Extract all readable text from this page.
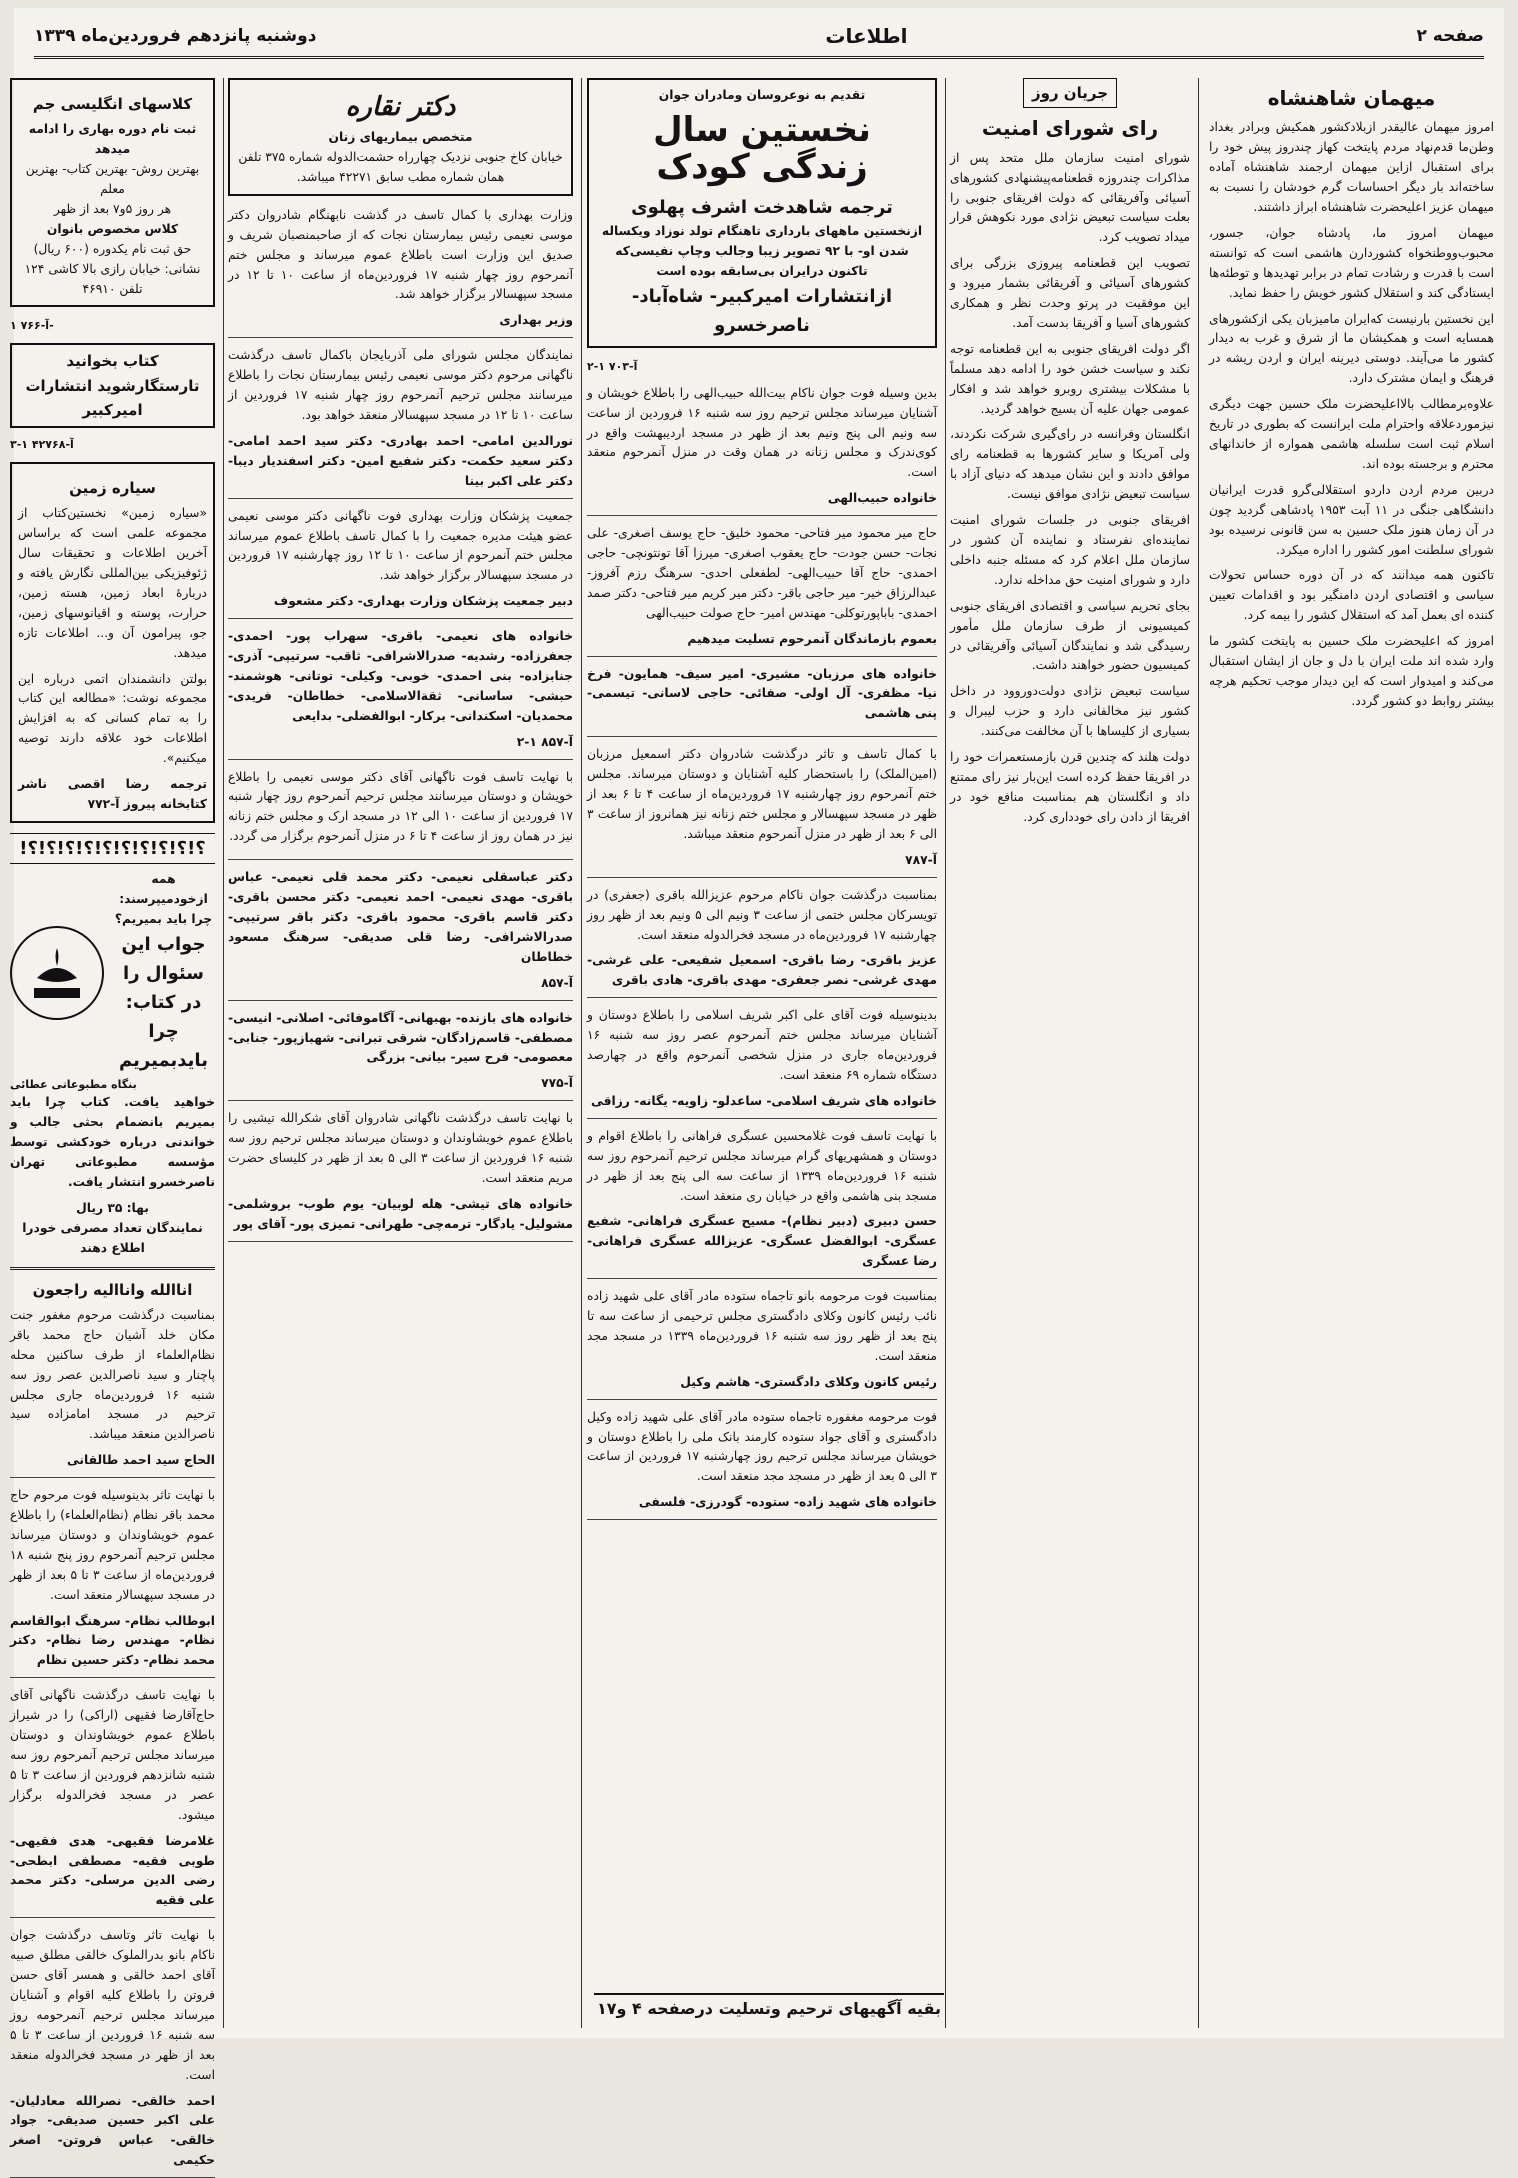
صفحه ۲
اطلاعات
دوشنبه پانزدهم فروردین‌ماه ۱۳۳۹
میهمان شاهنشاه

امروز میهمان عالیقدر ازبلادکشور همکیش وبرادر بغداد وطن‌ما قدم‌نهاد مردم پایتخت کهاز چندروز پیش خود را برای استقبال ازاین میهمان ارجمند شاهنشاه آماده ساخته‌اند بار دیگر احساسات گرم خودشان را نسبت به میهمان عزیز اعلیحضرت شاهنشاه ابراز داشتند.

میهمان امروز ما، پادشاه جوان، جسور، محبوب‌ووطنخواه کشوردارن هاشمی است که توانسته است با قدرت و رشادت تمام در برابر تهدیدها و توطئه‌ها ایستادگی کند و استقلال کشور خویش را حفظ نماید.

این نخستین بارنیست که‌ایران مامیزبان یکی ازکشورهای همسایه است و همکیشان ما از شرق و غرب به دیدار کشور ما می‌آیند. دوستی دیرینه ایران و اردن ریشه در فرهنگ و ایمان مشترک دارد.

علاوه‌برمطالب بالااعلیحضرت ملک حسین جهت دیگری نیزموردعلاقه واحترام ملت ایرانست که بطوری در تاریخ اسلام ثبت است سلسله هاشمی همواره از خاندانهای محترم و برجسته بوده اند.

دربین مردم اردن داردو استقلالی‌گرو قدرت ایرانیان دانشگاهی جنگی در ۱۱ آبت ۱۹۵۳ پادشاهی گردید چون در آن زمان هنوز ملک حسین به سن قانونی نرسیده بود شورای سلطنت امور کشور را اداره میکرد.

تاکنون همه میدانند که در آن دوره حساس تحولات سیاسی و اقتصادی اردن دامنگیر بود و اقدامات تعیین کننده ای بعمل آمد که استقلال کشور را بیمه کرد.

امروز که اعلیحضرت ملک حسین به پایتخت کشور ما وارد شده اند ملت ایران با دل و جان از ایشان استقبال می‌کند و امیدوار است که این دیدار موجب تحکیم هرچه بیشتر روابط دو کشور گردد.

جریان روز
رای شورای امنیت

شورای امنیت سازمان ملل متحد پس از مذاکرات چندروزه قطعنامه‌پیشنهادی کشورهای آسیائی وآفریقائی که دولت افریقای جنوبی را بعلت سیاست تبعیض نژادی مورد نکوهش قرار میداد تصویب کرد.

تصویب این قطعنامه پیروزی بزرگی برای کشورهای آسیائی و آفریقائی بشمار میرود و این موفقیت در پرتو وحدت نظر و همکاری کشورهای آسیا و آفریقا بدست آمد.

اگر دولت افریقای جنوبی به این قطعنامه توجه نکند و سیاست خشن خود را ادامه دهد مسلماً با مشکلات بیشتری روبرو خواهد شد و افکار عمومی جهان علیه آن بسیج خواهد گردید.

انگلستان وفرانسه در رای‌گیری شرکت نکردند، ولی آمریکا و سایر کشورها به قطعنامه رای موافق دادند و این نشان میدهد که دنیای آزاد با سیاست تبعیض نژادی موافق نیست.

افریقای جنوبی در جلسات شورای امنیت نماینده‌ای نفرستاد و نماینده آن کشور در سازمان ملل اعلام کرد که مسئله جنبه داخلی دارد و شورای امنیت حق مداخله ندارد.

بجای تحریم سیاسی و اقتصادی افریقای جنوبی کمیسیونی از طرف سازمان ملل مأمور رسیدگی شد و نمایندگان آسیائی وآفریقائی در کمیسیون حضور خواهند داشت.

سیاست تبعیض نژادی دولت‌دوروود در داخل کشور نیز مخالفانی دارد و حزب لیبرال و بسیاری از کلیساها با آن مخالفت می‌کنند.

دولت هلند که چندین قرن بازمستعمرات خود را در افریقا حفظ کرده است این‌بار نیز رای ممتنع داد و انگلستان هم بمناسبت منافع خود در افریقا از دادن رای خودداری کرد.

تقدیم به نوعروسان ومادران جوان
نخستین سال زندگی کودک
ترجمه شاهدخت اشرف پهلوی
ازنخستین ماههای بارداری تاهنگام تولد نوزاد ویکساله شدن او- با ۹۲ تصویر زیبا وجالب وچاپ نفیسی‌که تاکنون درایران بی‌سابقه بوده است
ازانتشارات امیرکبیر- شاه‌آباد- ناصرخسرو
آ-۷۰۳ ۱-۲

بدین وسیله فوت جوان ناکام بیت‌الله حبیب‌الهی را باطلاع خویشان و آشنایان میرساند مجلس ترحیم روز سه شنبه ۱۶ فروردین از ساعت سه ونیم الی پنج ونیم بعد از ظهر در مسجد اردیبهشت واقع در کوی‌ندرک و مجلس زنانه در همان وقت در منزل آنمرحوم منعقد است.

خانواده حبیب‌الهی

حاج میر محمود میر فتاحی- محمود خلیق- حاج یوسف اصغری- علی نجات- حسن جودت- حاج یعقوب اصغری- میرزا آقا تونتونچی- حاجی احمدی- حاج آقا حبیب‌الهی- لطفعلی احدی- سرهنگ رزم آفروز- عبدالرزاق خیر- میر حاجی باقر- دکتر میر کریم میر فتاحی- دکتر صمد احمدی- باباپورتوکلی- مهندس امیر- حاج صولت حبیب‌الهی

بعموم بازماندگان آنمرحوم تسلیت میدهیم

خانواده های مرزبان- مشیری- امیر سیف- همایون- فرخ نیا- مظفری- آل اولی- صفائی- حاجی لاسانی- تیسمی- پنی هاشمی

با کمال تاسف و تاثر درگذشت شادروان دکتر اسمعیل مرزبان (امین‌الملک) را باستحضار کلیه آشنایان و دوستان میرساند. مجلس ختم آنمرحوم روز چهارشنبه ۱۷ فروردین‌ماه از ساعت ۴ تا ۶ بعد از ظهر در مسجد سپهسالار و مجلس ختم زنانه نیز همانروز از ساعت ۳ الی ۶ بعد از ظهر در منزل آنمرحوم منعقد میباشد.

آ-۷۸۷

بمناسبت درگذشت جوان ناکام مرحوم عزیزالله باقری (جعفری) در تویسرکان مجلس ختمی از ساعت ۳ ونیم الی ۵ ونیم بعد از ظهر روز چهارشنبه ۱۷ فروردین‌ماه در مسجد فخرالدوله منعقد است.

عزیز باقری- رضا باقری- اسمعیل شفیعی- علی غرشی- مهدی غرشی- نصر جعفری- مهدی باقری- هادی باقری

بدینوسیله فوت آقای علی اکبر شریف اسلامی را باطلاع دوستان و آشنایان میرساند مجلس ختم آنمرحوم عصر روز سه شنبه ۱۶ فروردین‌ماه جاری در منزل شخصی آنمرحوم واقع در چهارصد دستگاه شماره ۶۹ منعقد است.

خانواده های شریف اسلامی- ساعدلو- زاویه- یگانه- رزاقی

با نهایت تاسف فوت غلامحسین عسگری فراهانی را باطلاع اقوام و دوستان و همشهریهای گرام میرساند مجلس ترحیم آنمرحوم روز سه شنبه ۱۶ فروردین‌ماه ۱۳۳۹ از ساعت سه الی پنج بعد از ظهر در مسجد بنی هاشمی واقع در خیابان ری منعقد است.

حسن دبیری (دبیر نظام)- مسیح عسگری فراهانی- شفیع عسگری- ابوالفضل عسگری- عزیزالله عسگری فراهانی- رضا عسگری

بمناسبت فوت مرحومه بانو تاجماه ستوده مادر آقای علی شهید زاده نائب رئیس کانون وکلای دادگستری مجلس ترحیمی از ساعت سه تا پنج بعد از ظهر روز سه شنبه ۱۶ فروردین‌ماه ۱۳۳۹ در مسجد مجد منعقد است.

رئیس کانون وکلای دادگستری- هاشم وکیل

فوت مرحومه مغفوره تاجماه ستوده مادر آقای علی شهید زاده وکیل دادگستری و آقای جواد ستوده کارمند بانک ملی را باطلاع دوستان و خویشان میرساند مجلس ترحیم روز چهارشنبه ۱۷ فروردین از ساعت ۳ الی ۵ بعد از ظهر در مسجد مجد منعقد است.

خانواده های شهید زاده- ستوده- گودرزی- فلسفی
دکتر نقاره
متخصص بیماریهای زنان
خیابان کاخ جنوبی نزدیک چهارراه حشمت‌الدوله شماره ۳۷۵ تلفن همان شماره مطب سابق ۴۲۲۷۱ میباشد.

وزارت بهداری با کمال تاسف در گذشت نابهنگام شادروان دکتر موسی نعیمی رئیس بیمارستان نجات که از صاحبمنصبان شریف و صدیق این وزارت است باطلاع عموم میرساند و مجلس ختم آنمرحوم روز چهار شنبه ۱۷ فروردین‌ماه از ساعت ۱۰ تا ۱۲ در مسجد سپهسالار برگزار خواهد شد.

وزیر بهداری

نمایندگان مجلس شورای ملی آذربایجان باکمال تاسف درگذشت ناگهانی مرحوم دکتر موسی نعیمی رئیس بیمارستان نجات را باطلاع میرسانند مجلس ترحیم آنمرحوم روز چهار شنبه ۱۷ فروردین از ساعت ۱۰ تا ۱۲ در مسجد سپهسالار منعقد خواهد بود.

نورالدین امامی- احمد بهادری- دکتر سید احمد امامی- دکتر سعید حکمت- دکتر شفیع امین- دکتر اسفندیار دیبا- دکتر علی اکبر بینا

جمعیت پزشکان وزارت بهداری فوت ناگهانی دکتر موسی نعیمی عضو هیئت مدیره جمعیت را با کمال تاسف باطلاع عموم میرساند مجلس ختم آنمرحوم از ساعت ۱۰ تا ۱۲ روز چهارشنبه ۱۷ فروردین در مسجد سپهسالار برگزار خواهد شد.

دبیر جمعیت پزشکان وزارت بهداری- دکتر مشعوف

خانواده های نعیمی- باقری- سهراب پور- احمدی- جعفرزاده- رشدیه- صدرالاشرافی- ثاقب- سرتیپی- آذری- جنابزاده- بنی احمدی- خوبی- وکیلی- توتانی- هوشمند- حبشی- ساسانی- ثقةالاسلامی- خطاطان- فریدی- محمدیان- اسکندانی- برکار- ابوالفضلی- بدایعی

آ-۸۵۷ ۱-۲

با نهایت تاسف فوت ناگهانی آقای دکتر موسی نعیمی را باطلاع خویشان و دوستان میرسانند مجلس ترحیم آنمرحوم روز چهار شنبه ۱۷ فروردین از ساعت ۱۰ الی ۱۲ در مسجد ارک و مجلس ختم زنانه نیز در همان روز از ساعت ۴ تا ۶ در منزل آنمرحوم برگزار می گردد.

دکتر عباسقلی نعیمی- دکتر محمد قلی نعیمی- عباس باقری- مهدی نعیمی- احمد نعیمی- دکتر محسن باقری- دکتر قاسم باقری- محمود باقری- دکتر باقر سرتیپی- صدرالاشرافی- رضا قلی صدیقی- سرهنگ مسعود خطاطان

آ-۸۵۷

خانواده های بازنده- بهبهانی- آگاموفائی- اصلانی- انیسی- مصطفی- قاسم‌زادگان- شرقی تبرانی- شهبازپور- جنابی- معصومی- فرح سیر- بیانی- بزرگی

آ-۷۷۵

با نهایت تاسف درگذشت ناگهانی شادروان آقای شکرالله تیشیی را باطلاع عموم خویشاوندان و دوستان میرساند مجلس ترحیم روز سه شنبه ۱۶ فروردین از ساعت ۳ الی ۵ بعد از ظهر در کلیسای حضرت مریم منعقد است.

خانواده های تیشی- هله لوبیان- یوم طوب- بروشلمی- مشولیل- یادگار- ترمه‌چی- طهرانی- تمیزی پور- آقای پور
بقیه آگهیهای ترحیم وتسلیت درصفحه ۴ و۱۷
کلاسهای انگلیسی جم
ثبت نام دوره بهاری را ادامه میدهد
بهترین روش- بهترین کتاب- بهترین معلم
هر روز ۵و۷ بعد از ظهر
کلاس مخصوص بانوان
حق ثبت نام یکدوره (۶۰۰ ریال)
نشانی: خیابان رازی بالا کاشی ۱۲۴ تلفن ۴۶۹۱۰
آ-۷۶۶ ۱-
کتاب بخوانید تارستگارشوید انتشارات امیرکبیر
آ-۴۲۷۶۸ ۱-۳
سیاره زمین

«سیاره زمین» نخستین‌کتاب از مجموعه علمی است که براساس آخرین اطلاعات و تحقیقات سال ژئوفیزیکی بین‌المللی نگارش یافته و دربارهٔ ابعاد زمین، هسته زمین، حرارت، پوسته و اقیانوسهای زمین، جو، پیرامون آن و... اطلاعات تازه میدهد.

بولتن دانشمندان اتمی درباره این مجموعه نوشت: «مطالعه این کتاب را به تمام کسانی که به افزایش اطلاعات خود علاقه دارند توصیه میکنیم».

ترجمه رضا اقصی ناشر کتابخانه پیروز آ-۷۷۲
؟!؟!؟!؟!؟!؟!؟!؟!؟!؟!
همه ازخودمیپرسند: چرا باید بمیریم؟
جواب این سئوال را در کتاب:
چرا بایدبمیریم
بنگاه مطبوعاتی عطائی

خواهید یافت. کتاب چرا باید بمیریم بانضمام بحثی جالب و خواندنی درباره خودکشی توسط مؤسسه مطبوعاتی تهران ناصرخسرو انتشار یافت.

بها: ۳۵ ریال
نمایندگان تعداد مصرفی خودرا اطلاع دهند
اناالله واناالیه راجعون

بمناسبت درگذشت مرحوم مغفور جنت مکان خلد آشیان حاج محمد باقر نظام‌العلماء از طرف ساکنین محله پاچنار و سید ناصرالدین عصر روز سه شنبه ۱۶ فروردین‌ماه جاری مجلس ترحیم در مسجد امامزاده سید ناصرالدین منعقد میباشد.

الحاج سید احمد طالقانی

با نهایت تاثر بدینوسیله فوت مرحوم حاج محمد باقر نظام (نظام‌العلماء) را باطلاع عموم خویشاوندان و دوستان میرساند مجلس ترحیم آنمرحوم روز پنج شنبه ۱۸ فروردین‌ماه از ساعت ۳ تا ۵ بعد از ظهر در مسجد سپهسالار منعقد است.

ابوطالب نظام- سرهنگ ابوالقاسم نظام- مهندس رضا نظام- دکتر محمد نظام- دکتر حسین نظام

با نهایت تاسف درگذشت ناگهانی آقای حاج‌آقارضا فقیهی (اراکی) را در شیراز باطلاع عموم خویشاوندان و دوستان میرساند مجلس ترحیم آنمرحوم روز سه شنبه شانزدهم فروردین از ساعت ۳ تا ۵ عصر در مسجد فخرالدوله برگزار میشود.

غلامرضا فقیهی- هدی فقیهی- طوبی فقیه- مصطفی ابطحی- رضی الدین مرسلی- دکتر محمد علی فقیه

با نهایت تاثر وتاسف درگذشت جوان ناکام بانو بدرالملوک خالقی مطلق صبیه آقای احمد خالقی و همسر آقای حسن فروتن را باطلاع کلیه اقوام و آشنایان میرساند مجلس ترحیم آنمرحومه روز سه شنبه ۱۶ فروردین از ساعت ۳ تا ۵ بعد از ظهر در مسجد فخرالدوله منعقد است.

احمد خالقی- نصرالله معادلیان- علی اکبر حسین صدیقی- جواد خالقی- عباس فروتن- اصغر حکیمی
